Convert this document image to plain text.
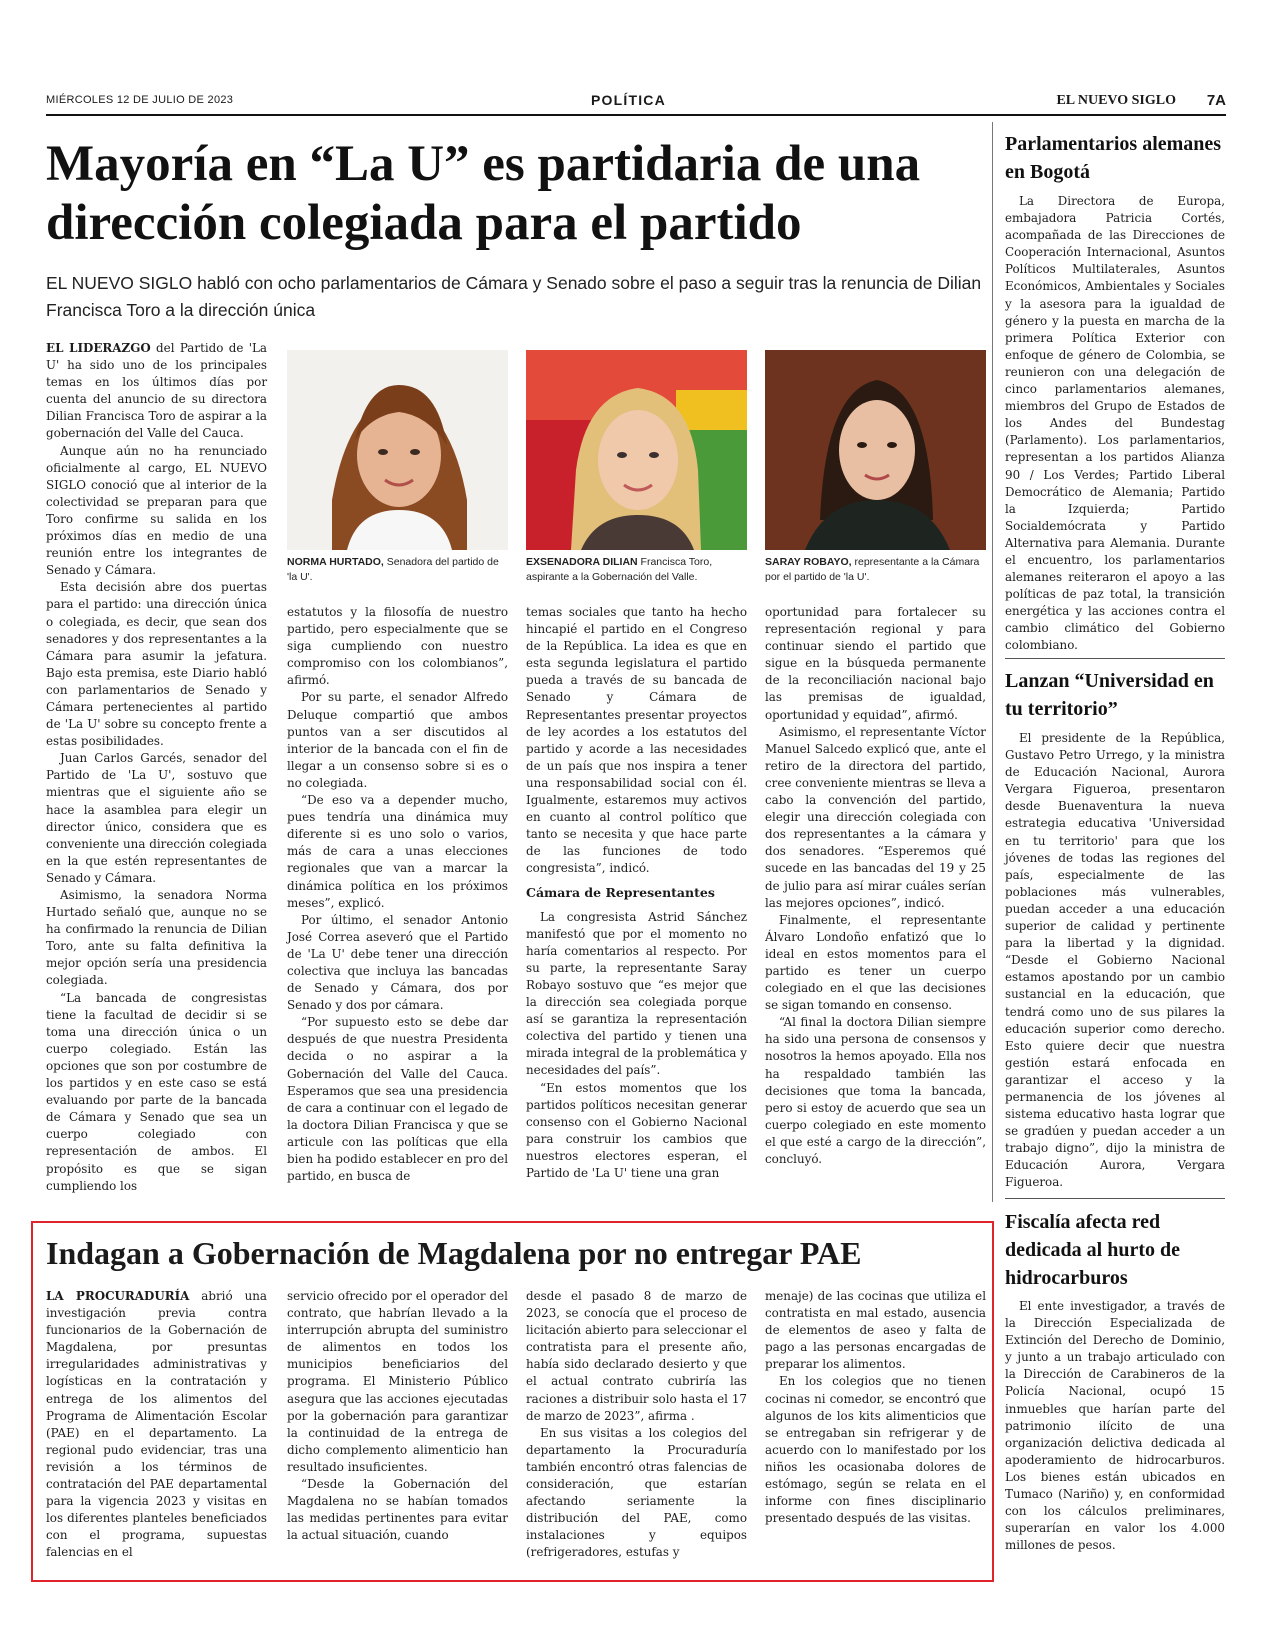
MIÉRCOLES 12 DE JULIO DE 2023	POLÍTICA	EL NUEVO SIGLO 7A
Mayoría en “La U” es partidaria de una dirección colegiada para el partido
EL NUEVO SIGLO habló con ocho parlamentarios de Cámara y Senado sobre el paso a seguir tras la renuncia de Dilian Francisca Toro a la dirección única

EL LIDERAZGO del Partido de 'La U' ha sido uno de los principales temas en los últimos días por cuenta del anuncio de su directora Dilian Francisca Toro de aspirar a la gobernación del Valle del Cauca.

Aunque aún no ha renunciado oficialmente al cargo, EL NUEVO SIGLO conoció que al interior de la colectividad se preparan para que Toro confirme su salida en los próximos días en medio de una reunión entre los integrantes de Senado y Cámara.

Esta decisión abre dos puertas para el partido: una dirección única o colegiada, es decir, que sean dos senadores y dos representantes a la Cámara para asumir la jefatura. Bajo esta premisa, este Diario habló con parlamentarios de Senado y Cámara pertenecientes al partido de 'La U' sobre su concepto frente a estas posibilidades.

Juan Carlos Garcés, senador del Partido de 'La U', sostuvo que mientras que el siguiente año se hace la asamblea para elegir un director único, considera que es conveniente una dirección colegiada en la que estén representantes de Senado y Cámara.

Asimismo, la senadora Norma Hurtado señaló que, aunque no se ha confirmado la renuncia de Dilian Toro, ante su falta definitiva la mejor opción sería una presidencia colegiada.

“La bancada de congresistas tiene la facultad de decidir si se toma una dirección única o un cuerpo colegiado. Están las opciones que son por costumbre de los partidos y en este caso se está evaluando por parte de la bancada de Cámara y Senado que sea un cuerpo colegiado con representación de ambos. El propósito es que se sigan cumpliendo los

NORMA HURTADO, Senadora del partido de 'la U'.
EXSENADORA DILIAN Francisca Toro, aspirante a la Gobernación del Valle.
SARAY ROBAYO, representante a la Cámara por el partido de 'la U'.

estatutos y la filosofía de nuestro partido, pero especialmente que se siga cumpliendo con nuestro compromiso con los colombianos”, afirmó.

Por su parte, el senador Alfredo Deluque compartió que ambos puntos van a ser discutidos al interior de la bancada con el fin de llegar a un consenso sobre si es o no colegiada.

“De eso va a depender mucho, pues tendría una dinámica muy diferente si es uno solo o varios, más de cara a unas elecciones regionales que van a marcar la dinámica política en los próximos meses”, explicó.

Por último, el senador Antonio José Correa aseveró que el Partido de 'La U' debe tener una dirección colectiva que incluya las bancadas de Senado y Cámara, dos por Senado y dos por cámara.

“Por supuesto esto se debe dar después de que nuestra Presidenta decida o no aspirar a la Gobernación del Valle del Cauca. Esperamos que sea una presidencia de cara a continuar con el legado de la doctora Dilian Francisca y que se articule con las políticas que ella bien ha podido establecer en pro del partido, en busca de

temas sociales que tanto ha hecho hincapié el partido en el Congreso de la República. La idea es que en esta segunda legislatura el partido pueda a través de su bancada de Senado y Cámara de Representantes presentar proyectos de ley acordes a los estatutos del partido y acorde a las necesidades de un país que nos inspira a tener una responsabilidad social con él. Igualmente, estaremos muy activos en cuanto al control político que tanto se necesita y que hace parte de las funciones de todo congresista”, indicó.

Cámara de Representantes

La congresista Astrid Sánchez manifestó que por el momento no haría comentarios al respecto. Por su parte, la representante Saray Robayo sostuvo que “es mejor que la dirección sea colegiada porque así se garantiza la representación colectiva del partido y tienen una mirada integral de la problemática y necesidades del país”.

“En estos momentos que los partidos políticos necesitan generar consenso con el Gobierno Nacional para construir los cambios que nuestros electores esperan, el Partido de 'La U' tiene una gran

oportunidad para fortalecer su representación regional y para continuar siendo el partido que sigue en la búsqueda permanente de la reconciliación nacional bajo las premisas de igualdad, oportunidad y equidad”, afirmó.

Asimismo, el representante Víctor Manuel Salcedo explicó que, ante el retiro de la directora del partido, cree conveniente mientras se lleva a cabo la convención del partido, elegir una dirección colegiada con dos representantes a la cámara y dos senadores. “Esperemos qué sucede en las bancadas del 19 y 25 de julio para así mirar cuáles serían las mejores opciones”, indicó.

Finalmente, el representante Álvaro Londoño enfatizó que lo ideal en estos momentos para el partido es tener un cuerpo colegiado en el que las decisiones se sigan tomando en consenso.

“Al final la doctora Dilian siempre ha sido una persona de consensos y nosotros la hemos apoyado. Ella nos ha respaldado también las decisiones que toma la bancada, pero si estoy de acuerdo que sea un cuerpo colegiado en este momento el que esté a cargo de la dirección”, concluyó.

Indagan a Gobernación de Magdalena por no entregar PAE

LA PROCURADURÍA abrió una investigación previa contra funcionarios de la Gobernación de Magdalena, por presuntas irregularidades administrativas y logísticas en la contratación y entrega de los alimentos del Programa de Alimentación Escolar (PAE) en el departamento. La regional pudo evidenciar, tras una revisión a los términos de contratación del PAE departamental para la vigencia 2023 y visitas en los diferentes planteles beneficiados con el programa, supuestas falencias en el

servicio ofrecido por el operador del contrato, que habrían llevado a la interrupción abrupta del suministro de alimentos en todos los municipios beneficiarios del programa. El Ministerio Público asegura que las acciones ejecutadas por la gobernación para garantizar la continuidad de la entrega de dicho complemento alimenticio han resultado insuficientes.

“Desde la Gobernación del Magdalena no se habían tomados las medidas pertinentes para evitar la actual situación, cuando

desde el pasado 8 de marzo de 2023, se conocía que el proceso de licitación abierto para seleccionar el contratista para el presente año, había sido declarado desierto y que el actual contrato cubriría las raciones a distribuir solo hasta el 17 de marzo de 2023”, afirma .

En sus visitas a los colegios del departamento la Procuraduría también encontró otras falencias de consideración, que estarían afectando seriamente la distribución del PAE, como instalaciones y equipos (refrigeradores, estufas y

menaje) de las cocinas que utiliza el contratista en mal estado, ausencia de elementos de aseo y falta de pago a las personas encargadas de preparar los alimentos.

En los colegios que no tienen cocinas ni comedor, se encontró que algunos de los kits alimenticios que se entregaban sin refrigerar y de acuerdo con lo manifestado por los niños les ocasionaba dolores de estómago, según se relata en el informe con fines disciplinario presentado después de las visitas.

Parlamentarios alemanes en Bogotá

La Directora de Europa, embajadora Patricia Cortés, acompañada de las Direcciones de Cooperación Internacional, Asuntos Políticos Multilaterales, Asuntos Económicos, Ambientales y Sociales y la asesora para la igualdad de género y la puesta en marcha de la primera Política Exterior con enfoque de género de Colombia, se reunieron con una delegación de cinco parlamentarios alemanes, miembros del Grupo de Estados de los Andes del Bundestag (Parlamento). Los parlamentarios, representan a los partidos Alianza 90 / Los Verdes; Partido Liberal Democrático de Alemania; Partido la Izquierda; Partido Socialdemócrata y Partido Alternativa para Alemania. Durante el encuentro, los parlamentarios alemanes reiteraron el apoyo a las políticas de paz total, la transición energética y las acciones contra el cambio climático del Gobierno colombiano.

Lanzan “Universidad en tu territorio”

El presidente de la República, Gustavo Petro Urrego, y la ministra de Educación Nacional, Aurora Vergara Figueroa, presentaron desde Buenaventura la nueva estrategia educativa 'Universidad en tu territorio' para que los jóvenes de todas las regiones del país, especialmente de las poblaciones más vulnerables, puedan acceder a una educación superior de calidad y pertinente para la libertad y la dignidad. “Desde el Gobierno Nacional estamos apostando por un cambio sustancial en la educación, que tendrá como uno de sus pilares la educación superior como derecho. Esto quiere decir que nuestra gestión estará enfocada en garantizar el acceso y la permanencia de los jóvenes al sistema educativo hasta lograr que se gradúen y puedan acceder a un trabajo digno”, dijo la ministra de Educación Aurora, Vergara Figueroa.

Fiscalía afecta red dedicada al hurto de hidrocarburos

El ente investigador, a través de la Dirección Especializada de Extinción del Derecho de Dominio, y junto a un trabajo articulado con la Dirección de Carabineros de la Policía Nacional, ocupó 15 inmuebles que harían parte del patrimonio ilícito de una organización delictiva dedicada al apoderamiento de hidrocarburos. Los bienes están ubicados en Tumaco (Nariño) y, en conformidad con los cálculos preliminares, superarían en valor los 4.000 millones de pesos.
